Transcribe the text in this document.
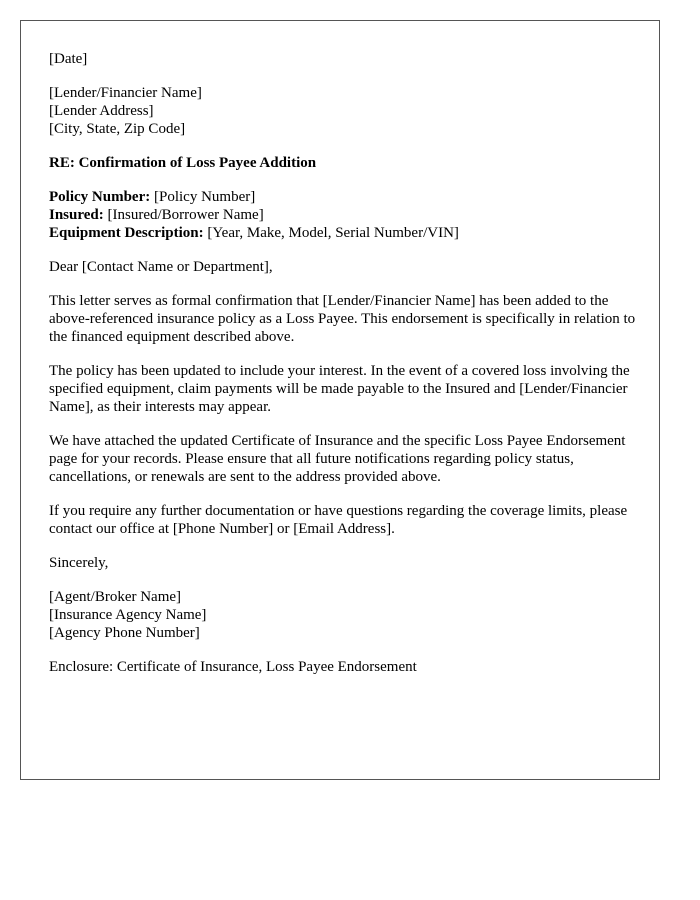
[Date]
[Lender/Financier Name]
[Lender Address]
[City, State, Zip Code]
RE: Confirmation of Loss Payee Addition
Policy Number: [Policy Number]
Insured: [Insured/Borrower Name]
Equipment Description: [Year, Make, Model, Serial Number/VIN]
Dear [Contact Name or Department],

This letter serves as formal confirmation that [Lender/Financier Name] has been added to the above-referenced insurance policy as a Loss Payee. This endorsement is specifically in relation to the financed equipment described above.

The policy has been updated to include your interest. In the event of a covered loss involving the specified equipment, claim payments will be made payable to the Insured and [Lender/Financier Name], as their interests may appear.

We have attached the updated Certificate of Insurance and the specific Loss Payee Endorsement page for your records. Please ensure that all future notifications regarding policy status, cancellations, or renewals are sent to the address provided above.

If you require any further documentation or have questions regarding the coverage limits, please contact our office at [Phone Number] or [Email Address].

Sincerely,
[Agent/Broker Name]
[Insurance Agency Name]
[Agency Phone Number]
Enclosure: Certificate of Insurance, Loss Payee Endorsement
